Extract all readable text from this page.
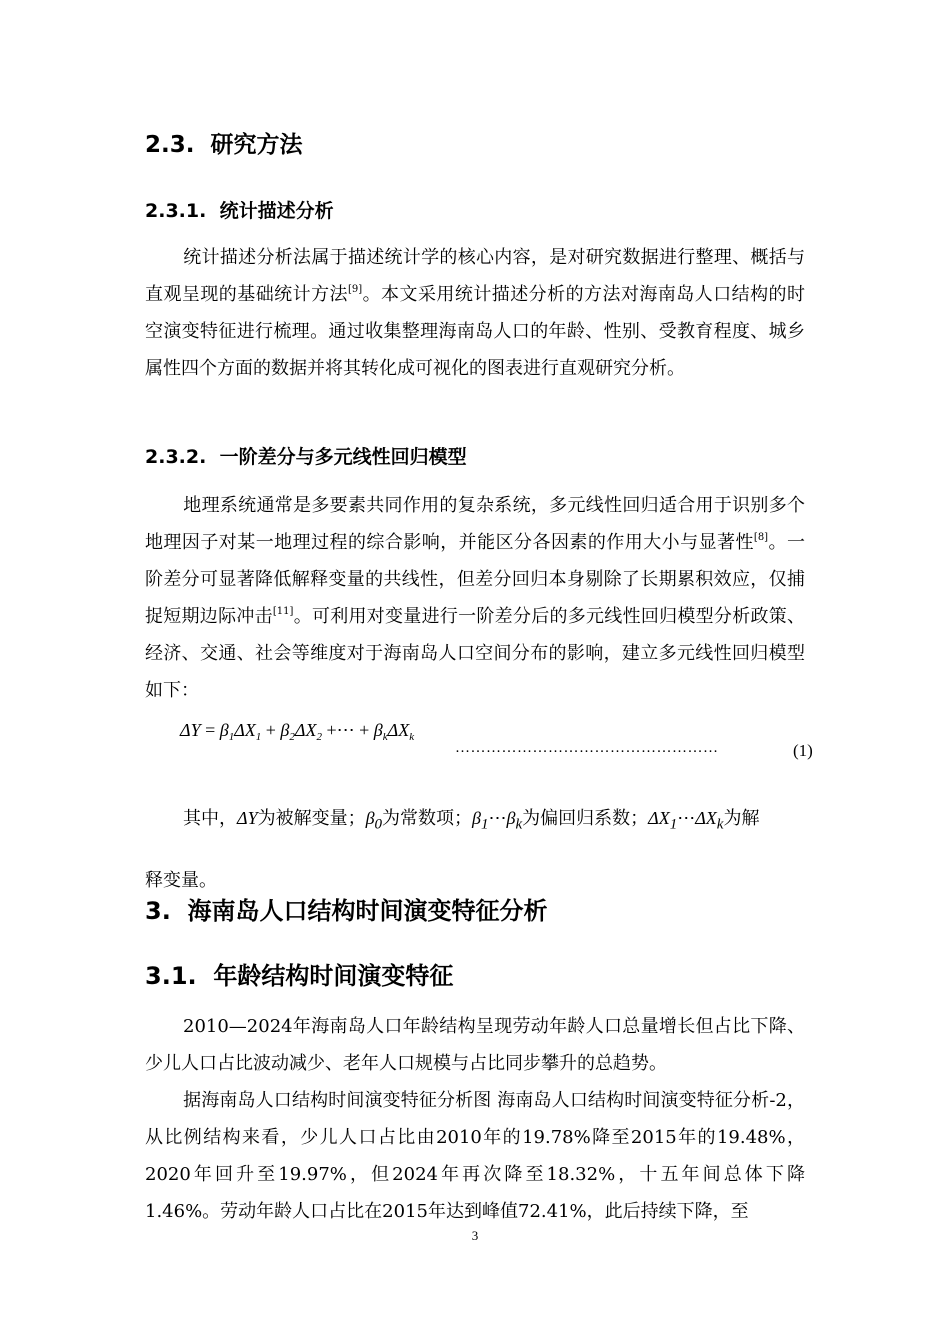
2.3. 研究方法
2.3.1. 统计描述分析

统计描述分析法属于描述统计学的核心内容，是对研究数据进行整理、概括与直观呈现的基础统计方法[9]。本文采用统计描述分析的方法对海南岛人口结构的时空演变特征进行梳理。通过收集整理海南岛人口的年龄、性别、受教育程度、城乡属性四个方面的数据并将其转化成可视化的图表进行直观研究分析。

2.3.2. 一阶差分与多元线性回归模型

地理系统通常是多要素共同作用的复杂系统，多元线性回归适合用于识别多个地理因子对某一地理过程的综合影响，并能区分各因素的作用大小与显著性[8]。一阶差分可显著降低解释变量的共线性，但差分回归本身剔除了长期累积效应，仅捕捉短期边际冲击[11]。可利用对变量进行一阶差分后的多元线性回归模型分析政策、经济、交通、社会等维度对于海南岛人口空间分布的影响，建立多元线性回归模型如下：

$\Delta Y = \beta_1\Delta X_1 + \beta_2\Delta X_2$ +⋯ + $\beta_k\Delta X_k$
……………………………………………	(1)

其中，ΔY为被解变量；$\beta_0$为常数项；$\beta_1\cdots\beta_k$为偏回归系数；$\Delta X_1\cdots\Delta X_k$为解
释变量。

3. 海南岛人口结构时间演变特征分析
3.1. 年龄结构时间演变特征

2010—2024年海南岛人口年龄结构呈现劳动年龄人口总量增长但占比下降、少儿人口占比波动减少、老年人口规模与占比同步攀升的总趋势。

据海南岛人口结构时间演变特征分析图 海南岛人口结构时间演变特征分析-2，从比例结构来看，少儿人口占比由2010年的19.78%降至2015年的19.48%，2020年回升至19.97%，但2024年再次降至18.32%，十五年间总体下降1.46%。劳动年龄人口占比在2015年达到峰值72.41%，此后持续下降，至

3
